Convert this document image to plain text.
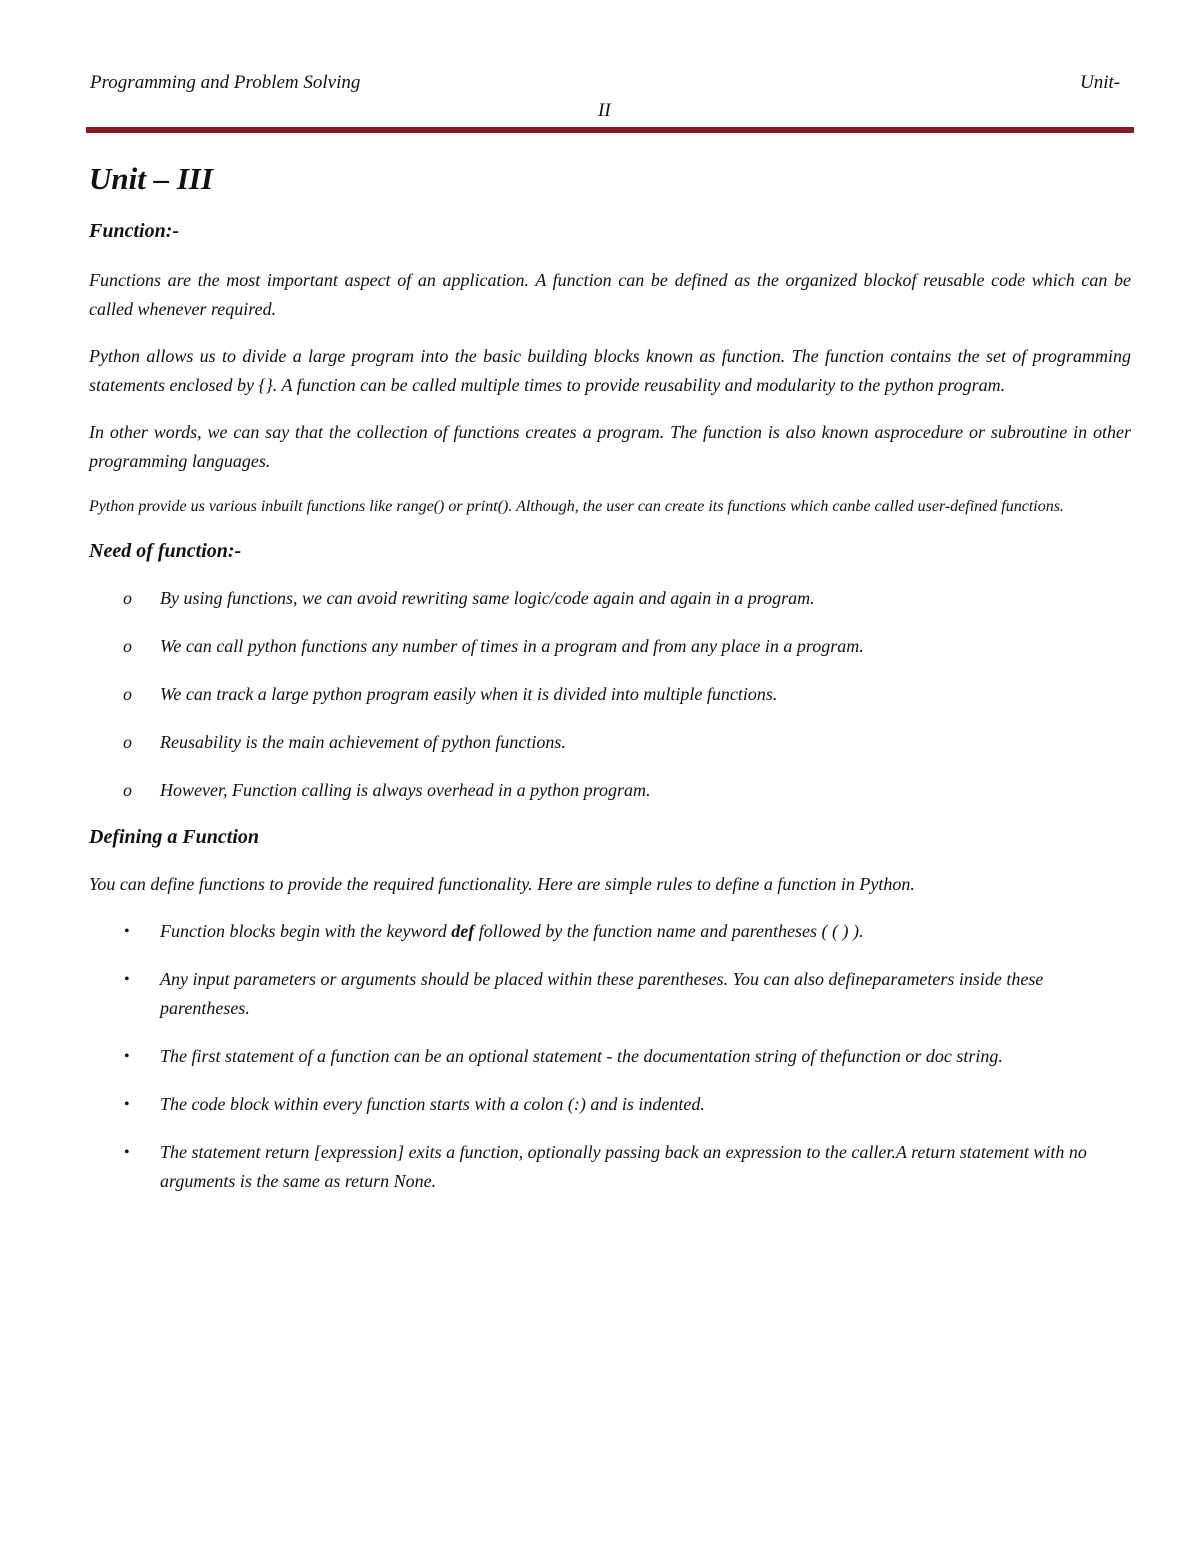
Programming and Problem Solving	Unit-
II
Unit – III
Function:-

Functions are the most important aspect of an application. A function can be defined as the organized blockof reusable code which can be called whenever required.

Python allows us to divide a large program into the basic building blocks known as function. The function contains the set of programming statements enclosed by {}. A function can be called multiple times to provide reusability and modularity to the python program.

In other words, we can say that the collection of functions creates a program. The function is also known asprocedure or subroutine in other programming languages.

Python provide us various inbuilt functions like range() or print(). Although, the user can create its functions which canbe called user-defined functions.

Need of function:-
o By using functions, we can avoid rewriting same logic/code again and again in a program.
o We can call python functions any number of times in a program and from any place in a program.
o We can track a large python program easily when it is divided into multiple functions.
o Reusability is the main achievement of python functions.
o However, Function calling is always overhead in a python program.
Defining a Function

You can define functions to provide the required functionality. Here are simple rules to define a function in Python.

• Function blocks begin with the keyword def followed by the function name and parentheses ( ( ) ).
• Any input parameters or arguments should be placed within these parentheses. You can also defineparameters inside these parentheses.
• The first statement of a function can be an optional statement - the documentation string of thefunction or doc string.
• The code block within every function starts with a colon (:) and is indented.
• The statement return [expression] exits a function, optionally passing back an expression to the caller.A return statement with no arguments is the same as return None.
